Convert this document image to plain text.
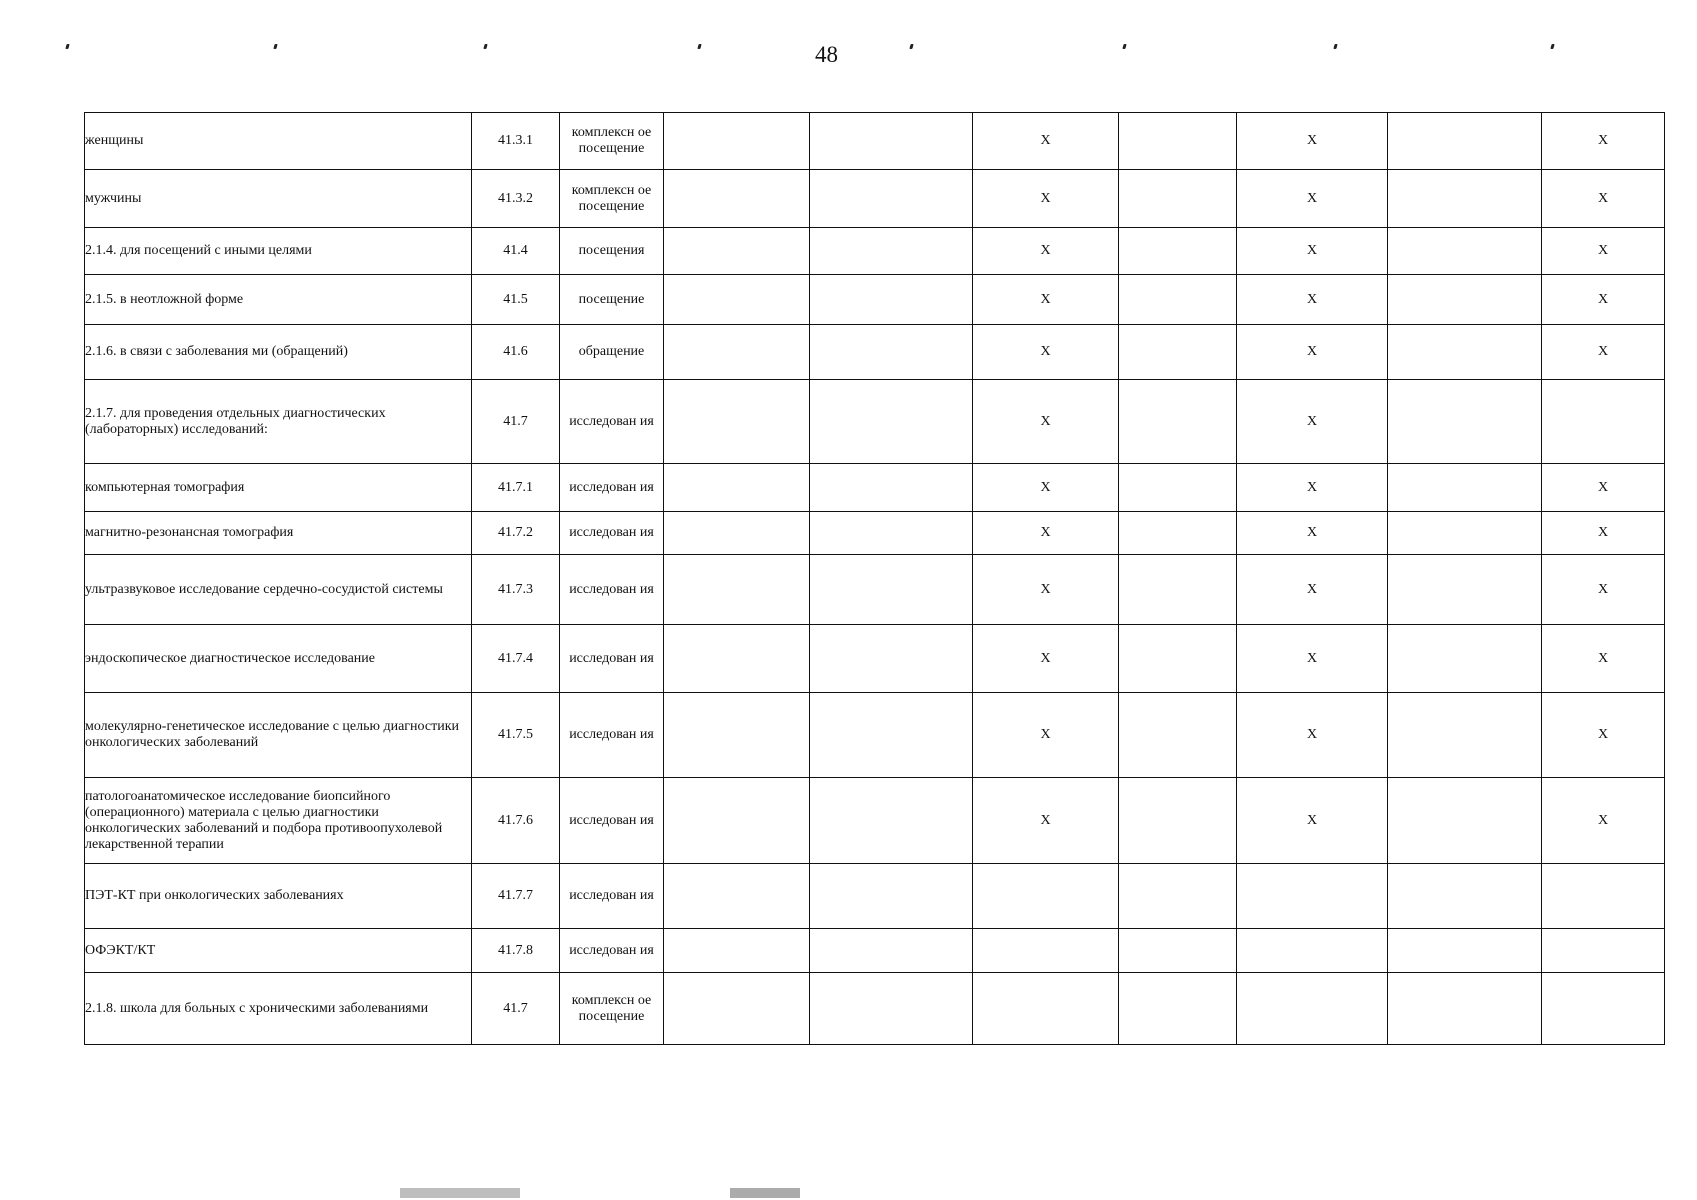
48
женщины	41.3.1	комплексн ое посещение			X		X		X
мужчины	41.3.2	комплексн ое посещение			X		X		X
2.1.4. для посещений с иными целями	41.4	посещения			X		X		X
2.1.5. в неотложной форме	41.5	посещение			X		X		X
2.1.6. в связи с заболевания ми (обращений)	41.6	обращение			X		X		X
2.1.7. для проведения отдельных диагностических (лабораторных) исследований:	41.7	исследован ия			X		X		
компьютерная томография	41.7.1	исследован ия			X		X		X
магнитно-резонансная томография	41.7.2	исследован ия			X		X		X
ультразвуковое исследование сердечно-сосудистой системы	41.7.3	исследован ия			X		X		X
эндоскопическое диагностическое исследование	41.7.4	исследован ия			X		X		X
молекулярно-генетическое исследование с целью диагностики онкологических заболеваний	41.7.5	исследован ия			X		X		X
патологоанатомическое исследование биопсийного (операционного) материала с целью диагностики онкологических заболеваний и подбора противоопухолевой лекарственной терапии	41.7.6	исследован ия			X		X		X
ПЭТ-КТ при онкологических заболеваниях	41.7.7	исследован ия							
ОФЭКТ/КТ	41.7.8	исследован ия							
2.1.8. школа для больных с хроническими заболеваниями	41.7	комплексн ое посещение							
